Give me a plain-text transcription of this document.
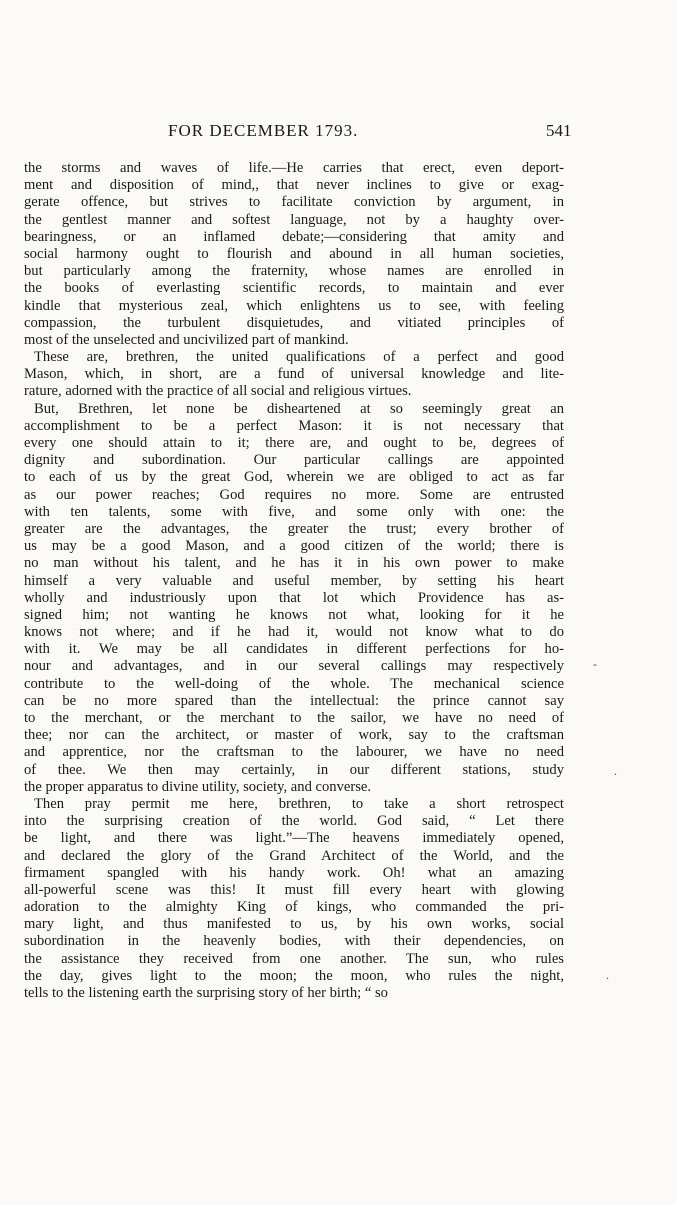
FOR DECEMBER 1793.	541
the storms and waves of life.—He carries that erect, even deport-
ment and disposition of mind,, that never inclines to give or exag-
gerate offence, but strives to facilitate conviction by argument, in
the gentlest manner and softest language, not by a haughty over-
bearingness, or an inflamed debate;—considering that amity and
social harmony ought to flourish and abound in all human societies,
but particularly among the fraternity, whose names are enrolled in
the books of everlasting scientific records, to maintain and ever
kindle that mysterious zeal, which enlightens us to see, with feeling
compassion, the turbulent disquietudes, and vitiated principles of
most of the unselected and uncivilized part of mankind.
These are, brethren, the united qualifications of a perfect and good
Mason, which, in short, are a fund of universal knowledge and lite-
rature, adorned with the practice of all social and religious virtues.
But, Brethren, let none be disheartened at so seemingly great an
accomplishment to be a perfect Mason: it is not necessary that
every one should attain to it; there are, and ought to be, degrees of
dignity and subordination. Our particular callings are appointed
to each of us by the great God, wherein we are obliged to act as far
as our power reaches; God requires no more. Some are entrusted
with ten talents, some with five, and some only with one: the
greater are the advantages, the greater the trust; every brother of
us may be a good Mason, and a good citizen of the world; there is
no man without his talent, and he has it in his own power to make
himself a very valuable and useful member, by setting his heart
wholly and industriously upon that lot which Providence has as-
signed him; not wanting he knows not what, looking for it he
knows not where; and if he had it, would not know what to do
with it. We may be all candidates in different perfections for ho-
nour and advantages, and in our several callings may respectively
contribute to the well-doing of the whole. The mechanical science
can be no more spared than the intellectual: the prince cannot say
to the merchant, or the merchant to the sailor, we have no need of
thee; nor can the architect, or master of work, say to the craftsman
and apprentice, nor the craftsman to the labourer, we have no need
of thee. We then may certainly, in our different stations, study
the proper apparatus to divine utility, society, and converse.
Then pray permit me here, brethren, to take a short retrospect
into the surprising creation of the world. God said, “ Let there
be light, and there was light.”—The heavens immediately opened,
and declared the glory of the Grand Architect of the World, and the
firmament spangled with his handy work. Oh! what an amazing
all-powerful scene was this! It must fill every heart with glowing
adoration to the almighty King of kings, who commanded the pri-
mary light, and thus manifested to us, by his own works, social
subordination in the heavenly bodies, with their dependencies, on
the assistance they received from one another. The sun, who rules
the day, gives light to the moon; the moon, who rules the night,
tells to the listening earth the surprising story of her birth; “ so
-
.
.
